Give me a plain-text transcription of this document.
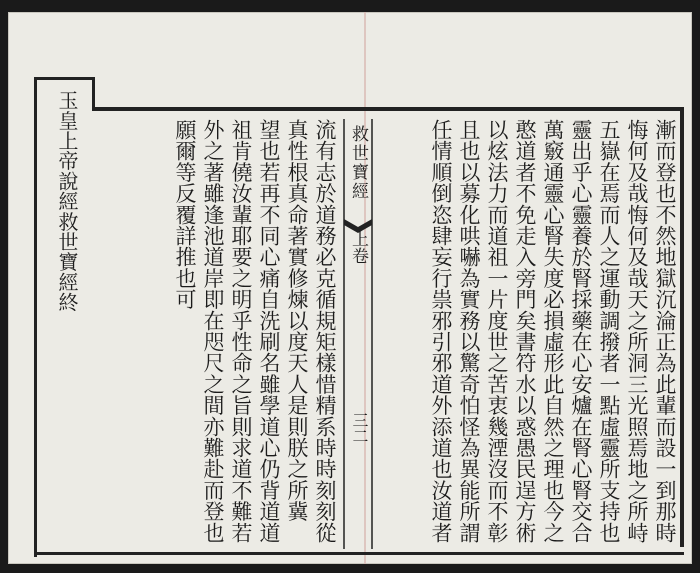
漸而登也不然地獄沉淪正為此輩而設一到那時
悔何及哉悔何及哉天之所洞三光照焉地之所峙
五嶽在焉而人之運動調撥者一點虛靈所支持也
靈出乎心靈養於腎採藥在心安爐在腎心腎交合
萬竅通靈心腎失度必損虛形此自然之理也今之
憨道者不免走入旁門矣書符水以惑愚民逞方術
以炫法力而道祖一片度世之苦衷幾湮沒而不彰
且也以募化哄嚇為實務以驚奇怕怪為異能所謂
任情順倒恣肆妄行祟邪引邪道外添道也汝道者
救世寶經
上卷
三二
流有志於道務必克循規矩樣惜精系時時刻刻從
真性根真命著實修煉以度天人是則朕之所冀
望也若再不同心痛自洗刷名雖學道心仍背道道
祖肯僥汝輩耶要之明乎性命之旨則求道不難若
外之著雖逢池道岸即在咫尺之間亦難赴而登也
願爾等反覆詳推也可
玉皇上帝說經救世寶經終
